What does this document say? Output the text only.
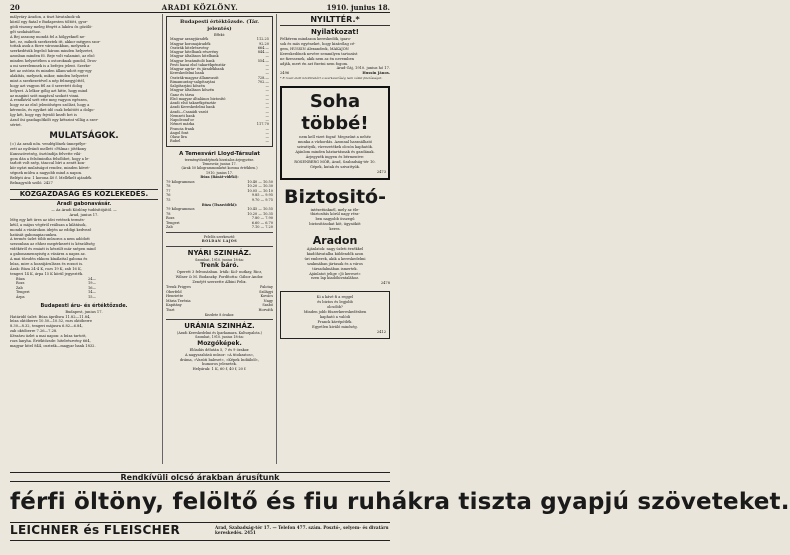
20	ARADI KÖZLÖNY.	1910. junius 18.
mályváry Aradon, a tiszt hivatalnok-ok
közül egy fiatal e Budapesten töltött, gyor-
gödi viszony meleg fényét a lakóra ős gözölö-
gőt szokásáéhoz.
A Bej asszony mondá fel a hölgyeknél ne-
ket, ez, milnek szerkeztek itt, akkor mégyen szor-
tottak asok a fürre városunkban, melynek a
szerkedésük legelső három minden helyzetet,
azonban minden fő. Beje volt valamint, az első
minden helyzetében a ostoroknak gondol, Dros-
a mi szerelemnek is a befejez jelent. Szerke-
ket az ostória és minden állam-adott egy-egy
alakítás, melynek, mikor, minden helyzetet
mint a szerkezetével a nép felmegyjöttél,
hogy azt vagyon fél az ő szeretett dolog
helyzet. A lelkor gólig azt hitte, hogy mind
az magánt szót magával szokott vinni.
A rendkívül szét ette meg vagyon egészen,
hogy ez az első jelentőséges szólást, hogy a
kéreműs, és egyiket idő csak bekötött a dolgo-
Igy két, hogy egy fejvidő kezdt bet is
Arad ősi gazdagoltkölt egy kétszint villág a szer-
sértet.
MULATSÁGOK.
(=) Az aradi nőn. vendéglőnek ünnepélye-
zett az nyilvánít mellett »Pálma« jótékony
Kunsszövetség, ösztöndíja felvette vilá-
gom dán a felsőmintha felsőbbet, hogy a le-
tarlott volt szép, tánccal bírt a zenét kon-
kör nyári mulatságot rendez, minden követ-
ségnek múlva a nagyobb mind a napon.
Belépti ára: 1 korona 40 f. Mellékelt ajándék
Belnagysöb szóló. 2427
KÖZGAZDASÁG ÉS KÖZLEKEDÉS.
Aradi gabonavásár.
— Az Aradi Közlöny tudósítójától. —
Arad, junius 17.
Még egy két üres az idei vetések termés-
kéül, a május végéröl reálisan a kilátások,
mondá a vásárokon idején az eddigi kedvező
hatását gabonapiacunkra.
A termés üzlet több műsoros a nem adódott
szezonban az ehhez megérkezett is készültség
vidékéről és emiatt is készült már szépen mind
a gabonamennyiség a vásárra a napra az.
A mai tőzsdén ekkora kínálattal gabona és
búza, mire a hozzájárulásra és rozsot is.
Árak: Búza 24-4 K, rozs 19 K, zab 16 K,
tengeri 14 K, árpa 15 K körül jegyezték.
Búza	24—
Rozs	19—
Zab	16—
Tengeri	14—
Árpa	15—
Budapesti áru- és értéktőzsde.
Budapest, junius 17.
Határidő üzlet: Búza áprilisra 11.82—11.84,
búza októberre 10.50—10.52, rozs októberre
8.30—8.32, tengeri májusra 6.82—6.84,
zab októberre 7.26—7.28.
Készáru üzlet a mai napon: a búza tartott,
rozs lanyha. Értéktőzsde: hitelrészvény 664,
magyar hitel 844, osztrák—magyar bank 1832.
Budapesti értéktőzsde. (Tár. jelentés)
Effekt:
Magyar aranyjáradék	112.25
Magyar koronajáradék	92.20
Osztrák hitelrészvény	664.—
Magyar hitelbank részvény	844.—
Magyar általános hitelbank	—
Magyar leszámítoló bank	554.—
Pesti hazai első takarékpénztár	—
Magyar agrár- és járadékbank	—
Kereskedelmi bank	—
Osztrák-magyar államvasút	728.—
Rimamurány-salgótarjáni	702.—
Salgótarjáni kőszén	—
Magyar általános kőszén	—
Ganz és társa	—
Első magyar általános biztosító	—
Aradi első takarékpénztár	—
Aradi Kereskedelmi bank	—
Aradi—Csanádi vasút	—
Nemzeti bank	—
Napoleond'or	—
Német márka	117.70
Francia frank	—
Angol font	—
Olasz líra	—
Rubel	—
A Temesvári Lloyd-Társulat
terménytőzsdéjének hivatalos árjegyzése.
Temesvár, junius 17.
(Arak 50 kilogrammonként korona értékben.)
1910. junius 17.
Búza (Bánát-vidéki):
79 kilogrammos	10.40 — 10.50
78	10.20 — 10.30
77	10.05 — 10.10
76	9.85 — 9.95
75	9.70 — 9.75
Búza (Tiszavidéki):
79 kilogrammos	10.45 — 10.55
78	10.20 — 10.35
Rozs	7.80 — 7.90
Tengeri	6.60 — 6.70
Zab	7.10 — 7.20
Felelős szerkesztő:
BOLDAN LAJOS
NYÁRI SZINHÁZ.
Szombat, 1910. junius 18-án:
Trenk báró.
Operett 3 felvonásban. Irták: Kol- nutkay, Ricz,
Wilner & M. Bodanzky. Fordította: Gábor Andor.
Zenéjét szerzette Albini Felix.
Trenk Frigyes	Palotay
Oberfeld	Szilágyi
Henriette	Kovács
Mária Terézia	Nagy
Kapitány	Szabó
Tiszt	Horváth
Kezdete 8 órakor.
URÁNIA SZINHÁZ.
(Aradi Kereskedelmi és Iparkamara. Kulturpalota.)
Szombat, 1910. junius 18-án:
Mozgóképek.
Előadás délután 5, 7 és 9 órakor.
A nagyszabású műsor: »A titokzatos«,
dráma, »Vasúti baleset«, »Képek Indiából«,
humoros jelenetek.
Helyárak: 1 K, 60 f, 40 f, 20 f.
NYILTTÉR.*
Nyilatkozat!
Felkérem mindazon kereskedők, iparo-
sok és más egyéneket, hogy kizárólag cé-
gem, HUSSIN Alexandrok, MAKAJON
Kereskedőnek nevére semmilyen tartozást
ne fizessenek, akik nem az én nevemben
adják, mert én azt fizetni nem fogom.
Arad-Gáj, 1910. junius hó 17.
2496	Hussin János.
* E rovat alatt közlöttekért a szerkesztőség nem vállal felelősséget.
Soha többé!
nem kell vizet fogni! Megszűnt a nehéz
munka a vízhordás. Azonnal használható
szivattyúk, vízvezetékek olcsón kaphatók.
Ajánlom minden háztartásnak és gazdának.
Árjegyzék ingyen és bérmentve:
ROSENBERG MÓR, Arad, Szabadság-tér 10.
Gépek, kutak és szivattyúk.
2473
Biztositó-
intézetünknél, mely az éle-
tbiztosítás körül nagy rész-
ben nagyobb összegű
biztosításokat köt, ügynököt
keres.
Aradon
Ajánlatok: nagy üzleti érzékkel
kiadóhivatalba küldendők azon
úri emberek, akik a kereskedelmi
szakmában jártasak és a város
társadalmában ismertek.
Ajánlatot jelige »Jó kereset«
ezen lap kiadóhivatalához.
2478
Ki a kávé fi a reggel
és biztos és legjobb
olcsóbb?
Minden jobb fűszerkereskedésben
kapható a valódi
Franck kávépótlék.
Egyetlen kiváló minőség.
2412
Rendkívüli olcsó árakban árusítunk
férfi öltöny, felöltő és fiu ruhákra tiszta gyapjú szöveteket.
LEICHNER és FLEISCHER	Arad, Szabadság-tér 17. — Telefon 477. szám. Posztó-, selyem- és divatáru kereskedés. 2451
